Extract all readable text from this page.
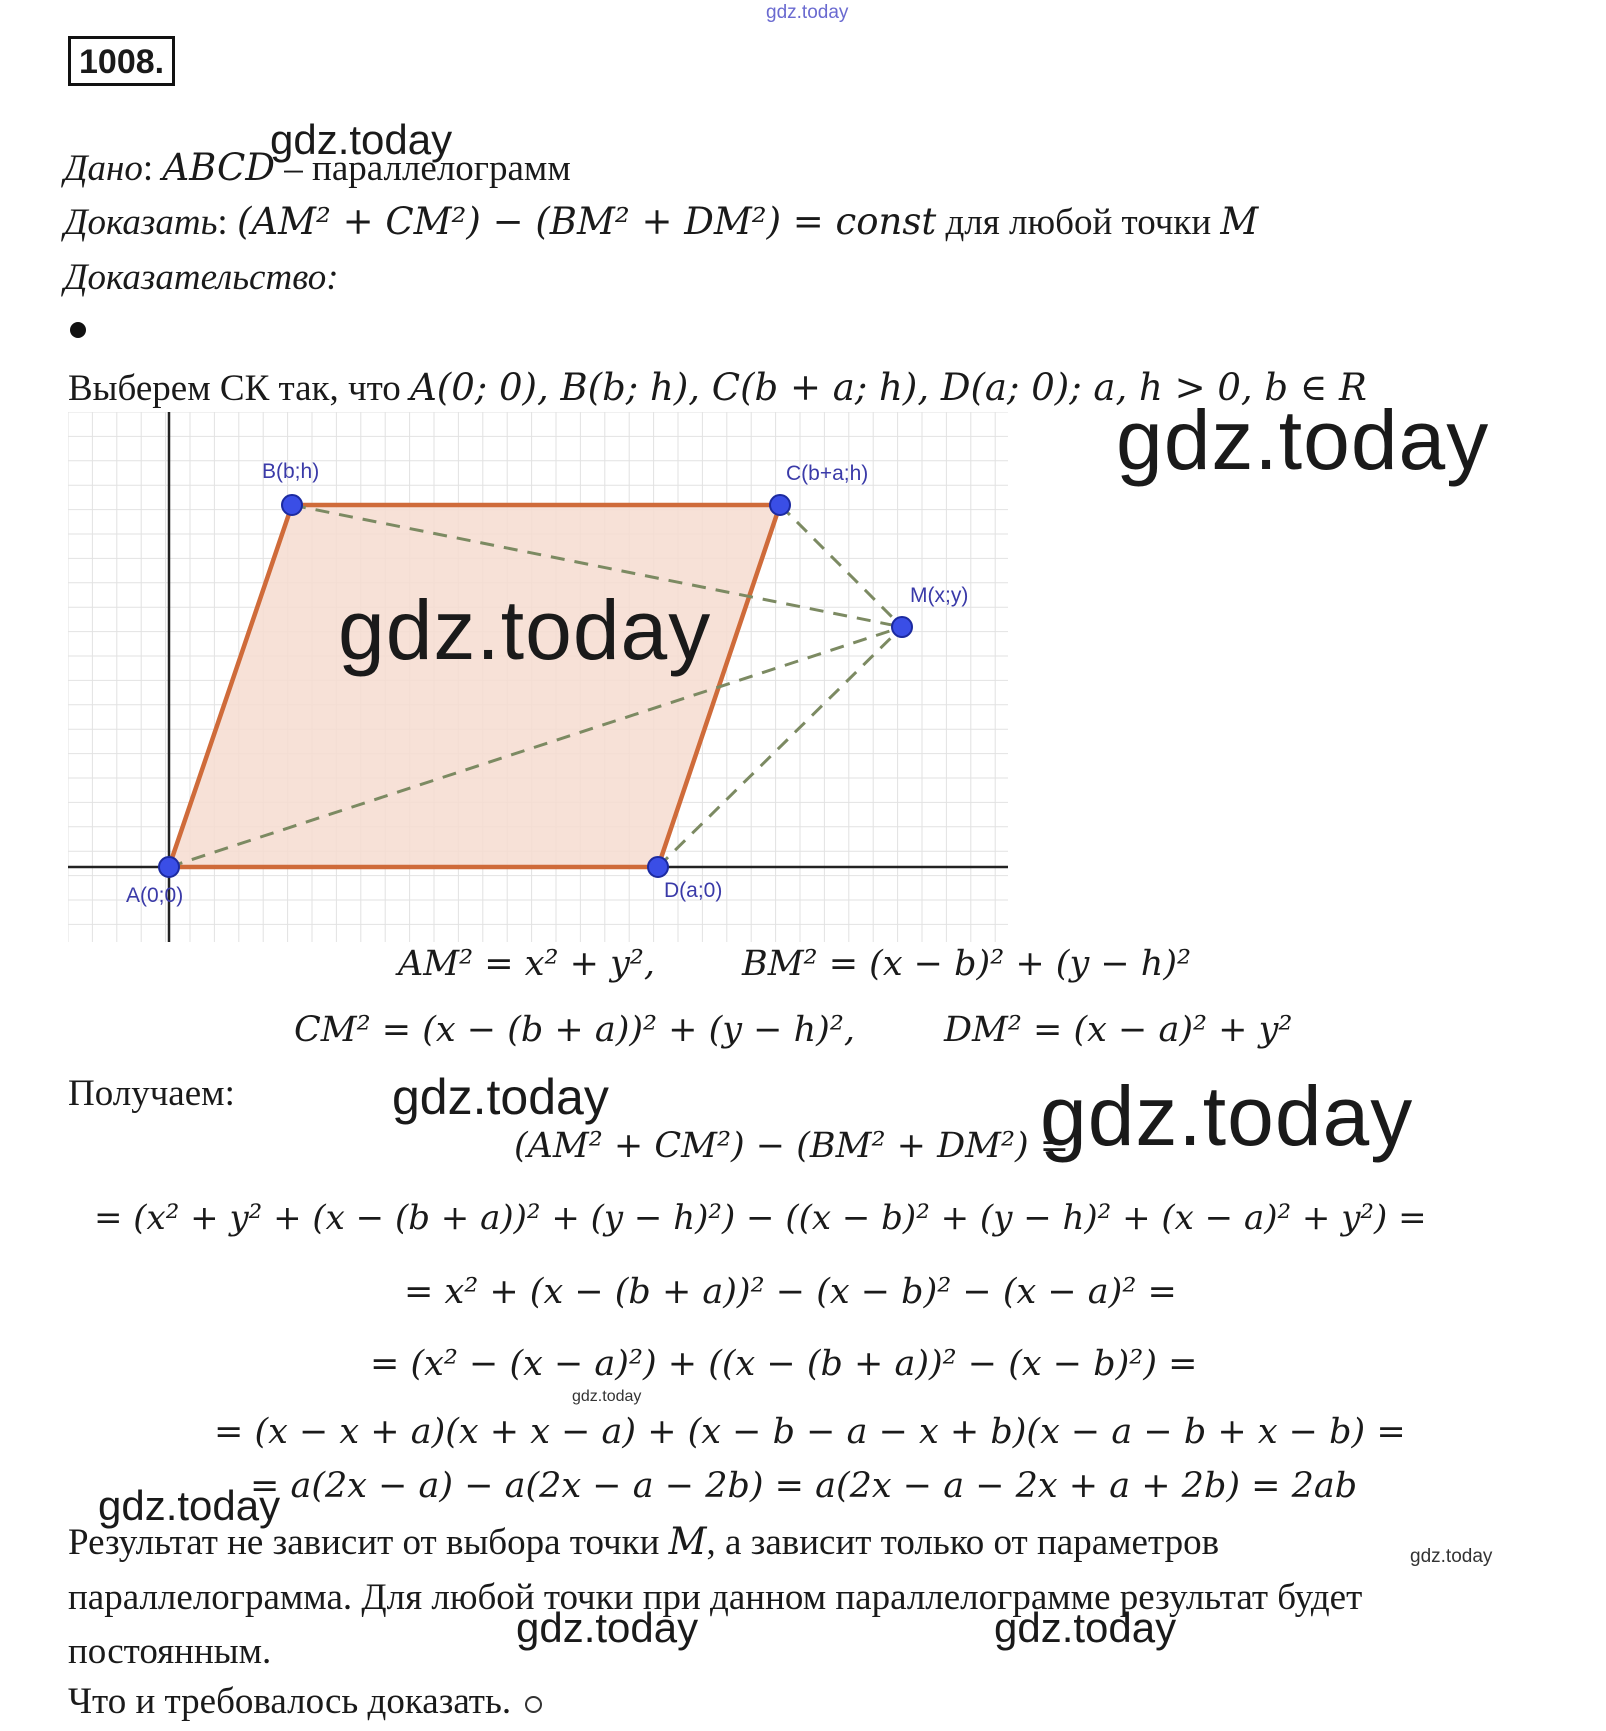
gdz.today
1008.
Дано: ABCD – параллелограмм
Доказать: (AM² + CM²) − (BM² + DM²) = const для любой точки M
Доказательство:
Выберем СК так, что A(0; 0), B(b; h), C(b + a; h), D(a; 0); a, h > 0, b ∈ R
A(0;0)
B(b;h)	C(b+a;h)
D(a;0)
M(x;y)
AM² = x² + y², BM² = (x − b)² + (y − h)²
CM² = (x − (b + a))² + (y − h)²,	DM² = (x − a)² + y²
Получаем:
(AM² + CM²) − (BM² + DM²) =
= (x² + y² + (x − (b + a))² + (y − h)²) − ((x − b)² + (y − h)² + (x − a)² + y²) =
= x² + (x − (b + a))² − (x − b)² − (x − a)² =
= (x² − (x − a)²) + ((x − (b + a))² − (x − b)²) =
= (x − x + a)(x + x − a) + (x − b − a − x + b)(x − a − b + x − b) =
= a(2x − a) − a(2x − a − 2b) = a(2x − a − 2x + a + 2b) = 2ab
Результат не зависит от выбора точки M, а зависит только от параметров
параллелограмма. Для любой точки при данном параллелограмме результат будет
постоянным.
Что и требовалось доказать.
gdz.today
gdz.today
gdz.today
gdz.today	gdz.today
gdz.today
gdz.today
gdz.today
gdz.today	gdz.today
